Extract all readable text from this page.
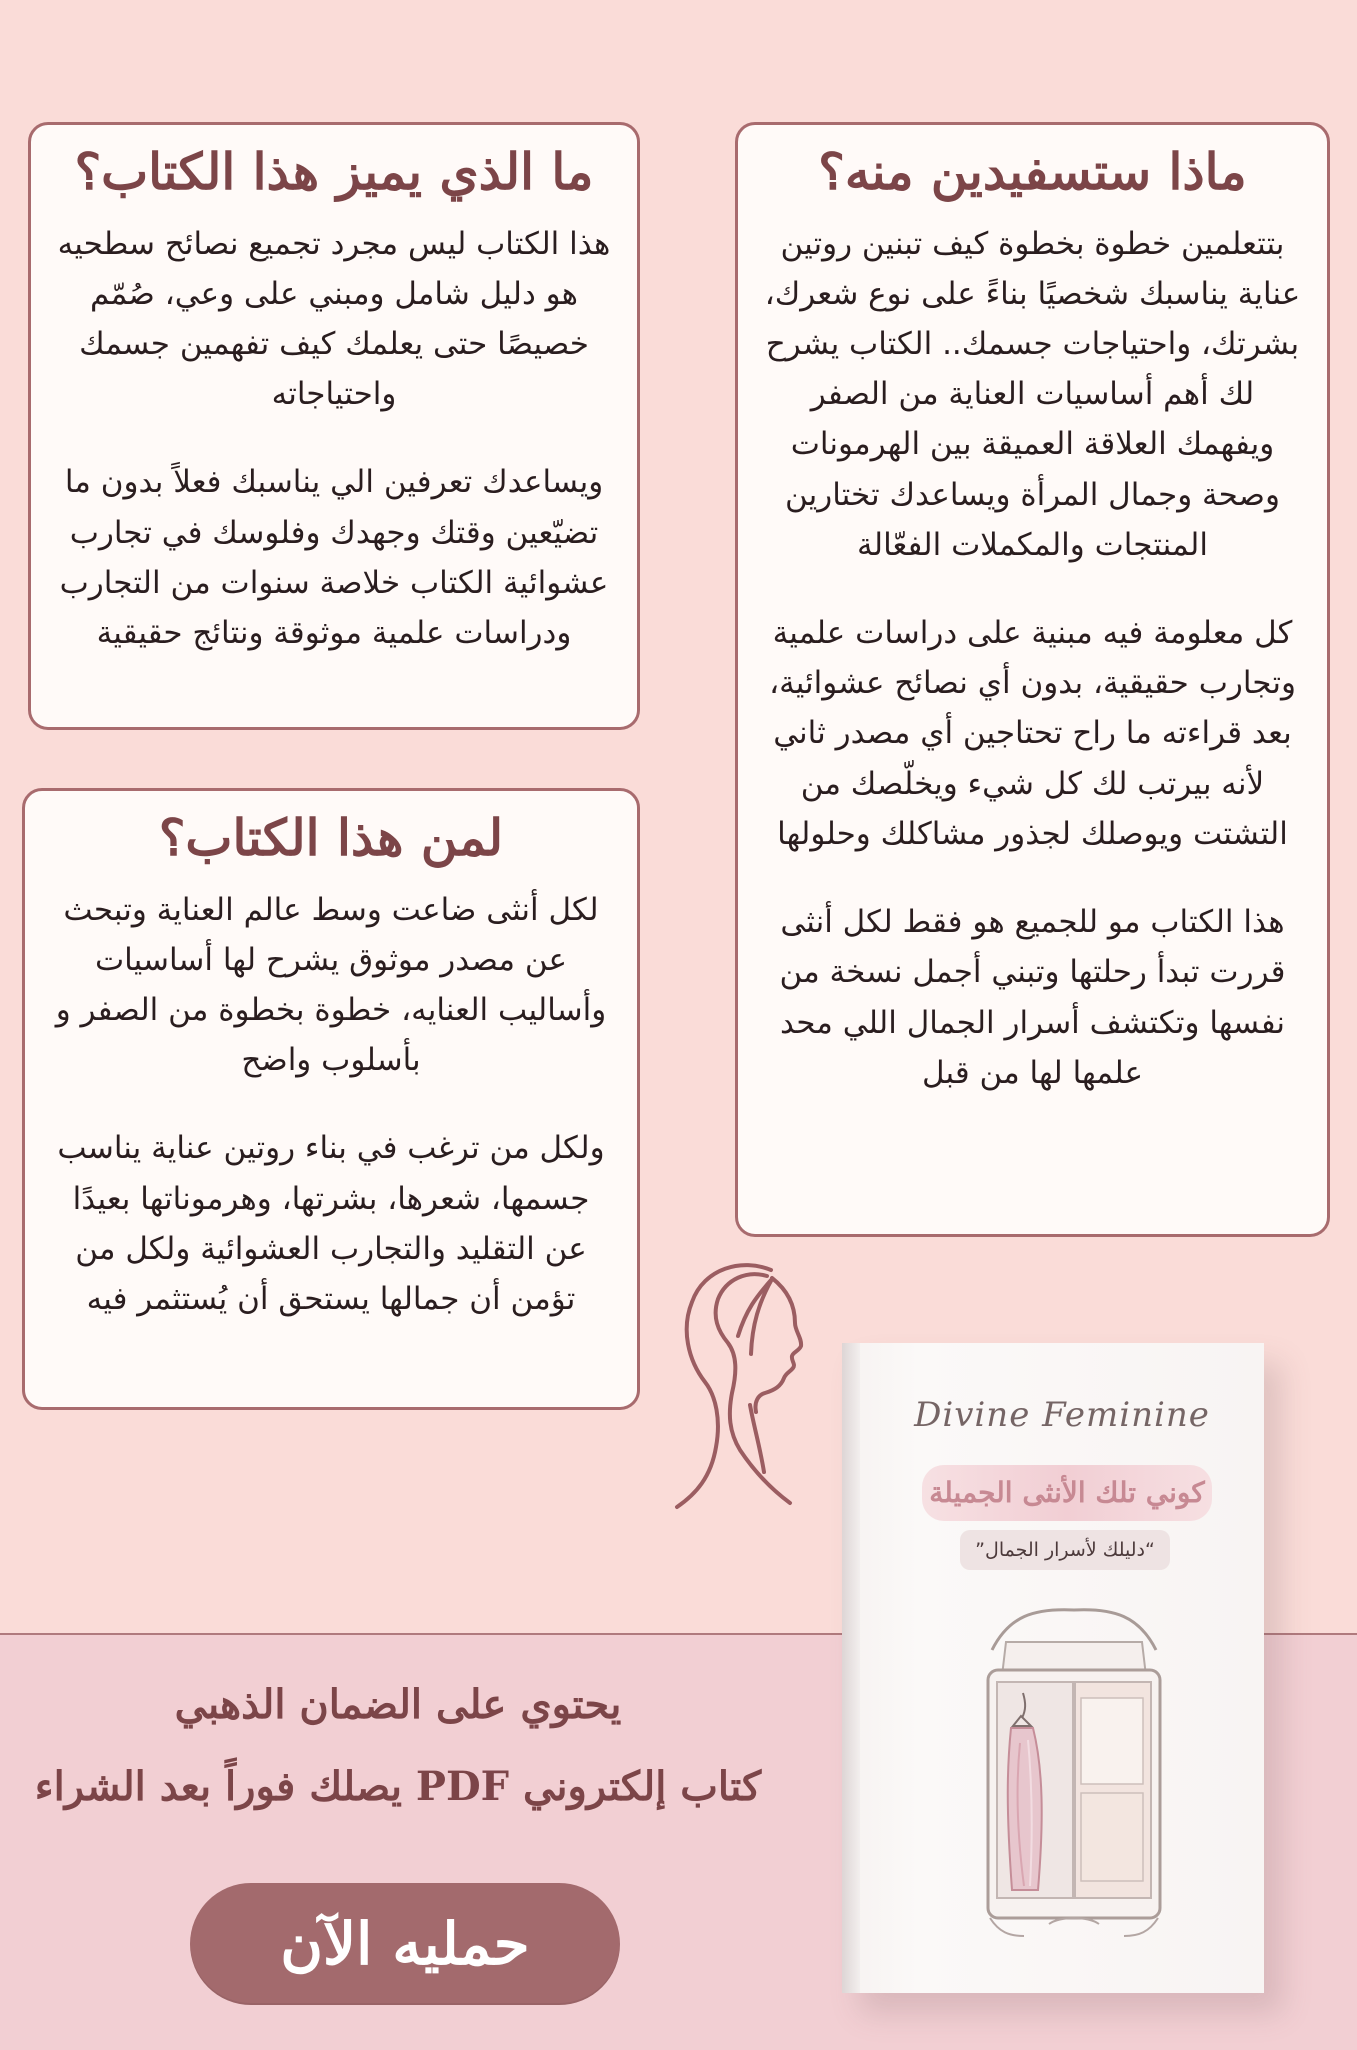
ماذا ستسفيدين منه؟

بتتعلمين خطوة بخطوة كيف تبنين روتين عناية يناسبك شخصيًا بناءً على نوع شعرك، بشرتك، واحتياجات جسمك.. الكتاب يشرح لك أهم أساسيات العناية من الصفر ويفهمك العلاقة العميقة بين الهرمونات وصحة وجمال المرأة ويساعدك تختارين المنتجات والمكملات الفعّالة

كل معلومة فيه مبنية على دراسات علمية وتجارب حقيقية، بدون أي نصائح عشوائية، بعد قراءته ما راح تحتاجين أي مصدر ثاني لأنه بيرتب لك كل شيء ويخلّصك من التشتت ويوصلك لجذور مشاكلك وحلولها

هذا الكتاب مو للجميع هو فقط لكل أنثى قررت تبدأ رحلتها وتبني أجمل نسخة من نفسها وتكتشف أسرار الجمال اللي محد علمها لها من قبل

ما الذي يميز هذا الكتاب؟

هذا الكتاب ليس مجرد تجميع نصائح سطحيه هو دليل شامل ومبني على وعي، صُمّم خصيصًا حتى يعلمك كيف تفهمين جسمك واحتياجاته

ويساعدك تعرفين الي يناسبك فعلاً بدون ما تضيّعين وقتك وجهدك وفلوسك في تجارب عشوائية الكتاب خلاصة سنوات من التجارب ودراسات علمية موثوقة ونتائج حقيقية

لمن هذا الكتاب؟

لكل أنثى ضاعت وسط عالم العناية وتبحث عن مصدر موثوق يشرح لها أساسيات وأساليب العنايه، خطوة بخطوة من الصفر و بأسلوب واضح

ولكل من ترغب في بناء روتين عناية يناسب جسمها، شعرها، بشرتها، وهرموناتها بعيدًا عن التقليد والتجارب العشوائية ولكل من تؤمن أن جمالها يستحق أن يُستثمر فيه

يحتوي على الضمان الذهبي
كتاب إلكتروني PDF يصلك فوراً بعد الشراء
حمليه الآن
Divine Feminine
كوني تلك الأنثى الجميلة
“دليلك لأسرار الجمال”
